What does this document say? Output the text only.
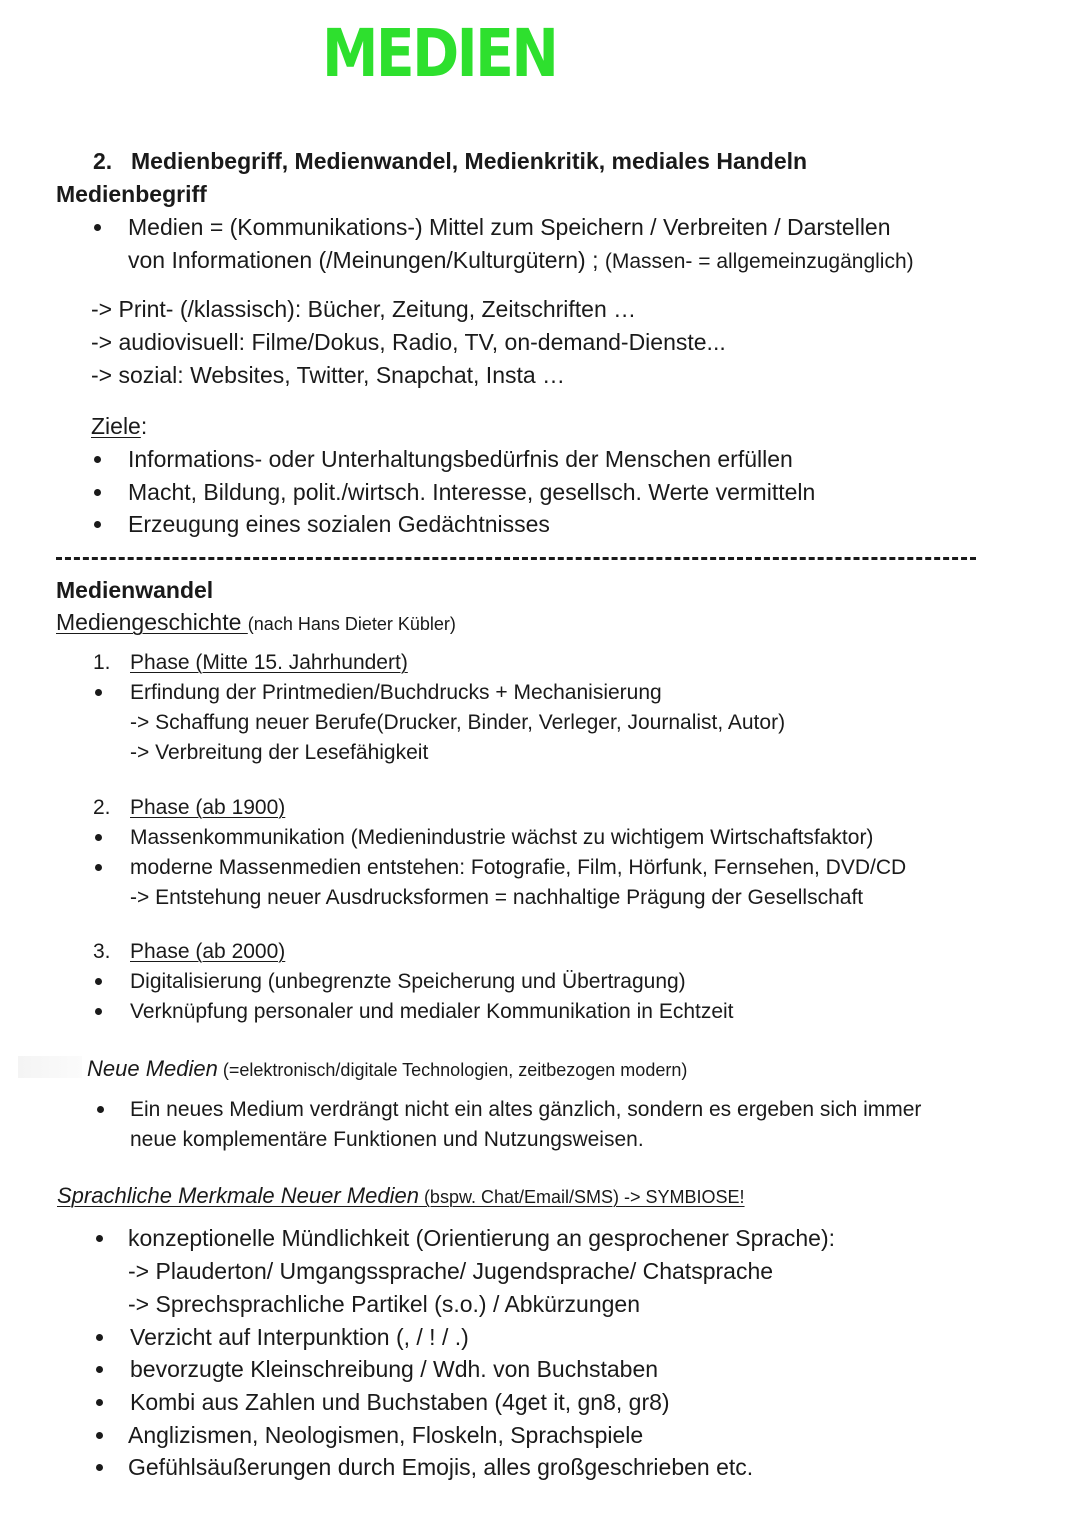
MEDIEN
2. Medienbegriff, Medienwandel, Medienkritik, mediales Handeln
Medienbegriff
Medien = (Kommunikations-) Mittel zum Speichern / Verbreiten / Darstellen
von Informationen (/Meinungen/Kulturgütern) ; (Massen- = allgemeinzugänglich)
-> Print- (/klassisch): Bücher, Zeitung, Zeitschriften …
-> audiovisuell: Filme/Dokus, Radio, TV, on-demand-Dienste...
-> sozial: Websites, Twitter, Snapchat, Insta …
Ziele:
Informations- oder Unterhaltungsbedürfnis der Menschen erfüllen
Macht, Bildung, polit./wirtsch. Interesse, gesellsch. Werte vermitteln
Erzeugung eines sozialen Gedächtnisses
Medienwandel
Mediengeschichte (nach Hans Dieter Kübler)
1. Phase (Mitte 15. Jahrhundert)
Erfindung der Printmedien/Buchdrucks + Mechanisierung
-> Schaffung neuer Berufe(Drucker, Binder, Verleger, Journalist, Autor)
-> Verbreitung der Lesefähigkeit
2. Phase (ab 1900)
Massenkommunikation (Medienindustrie wächst zu wichtigem Wirtschaftsfaktor)
moderne Massenmedien entstehen: Fotografie, Film, Hörfunk, Fernsehen, DVD/CD
-> Entstehung neuer Ausdrucksformen = nachhaltige Prägung der Gesellschaft
3. Phase (ab 2000)
Digitalisierung (unbegrenzte Speicherung und Übertragung)
Verknüpfung personaler und medialer Kommunikation in Echtzeit
Neue Medien (=elektronisch/digitale Technologien, zeitbezogen modern)
Ein neues Medium verdrängt nicht ein altes gänzlich, sondern es ergeben sich immer
neue komplementäre Funktionen und Nutzungsweisen.
Sprachliche Merkmale Neuer Medien (bspw. Chat/Email/SMS) -> SYMBIOSE!
konzeptionelle Mündlichkeit (Orientierung an gesprochener Sprache):
-> Plauderton/ Umgangssprache/ Jugendsprache/ Chatsprache
-> Sprechsprachliche Partikel (s.o.) / Abkürzungen
Verzicht auf Interpunktion (, / ! / .)
bevorzugte Kleinschreibung / Wdh. von Buchstaben
Kombi aus Zahlen und Buchstaben (4get it, gn8, gr8)
Anglizismen, Neologismen, Floskeln, Sprachspiele
Gefühlsäußerungen durch Emojis, alles großgeschrieben etc.
